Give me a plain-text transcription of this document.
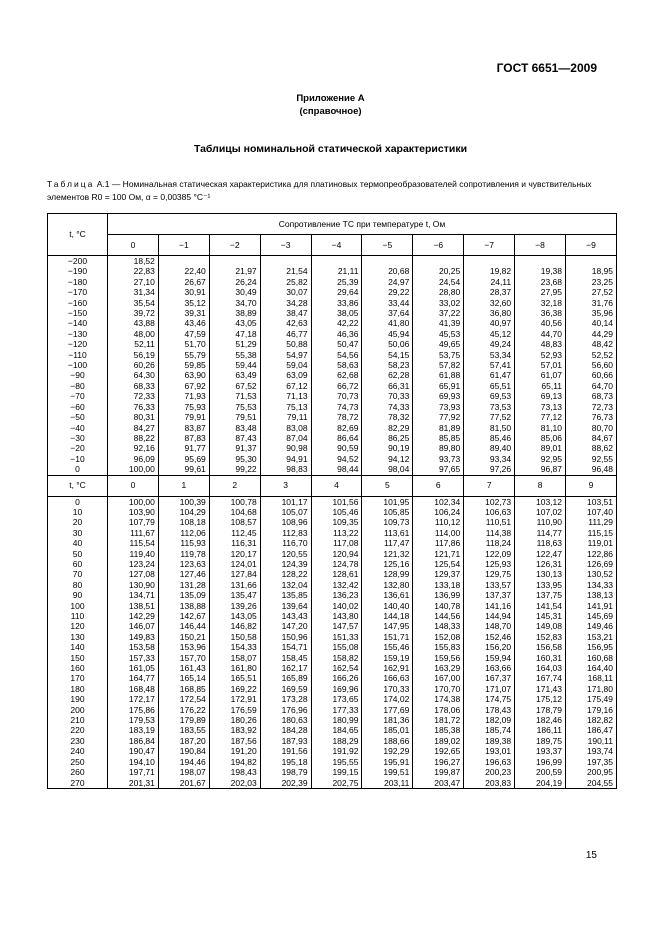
ГОСТ 6651—2009
Приложение А
(справочное)
Таблицы номинальной статической характеристики
Таблица А.1 — Номинальная статическая характеристика для платиновых термопреобразователей сопротивления и чувствительных элементов R0 = 100 Ом, α = 0,00385 °С⁻¹
t, °C	Сопротивление ТС при температуре t, Ом									
	0	−1	−2	−3	−4	−5	−6	−7	−8	−9
−200	18,52									
−190	22,83	22,40	21,97	21,54	21,11	20,68	20,25	19,82	19,38	18,95
−180	27,10	26,67	26,24	25,82	25,39	24,97	24,54	24,11	23,68	23,25
−170	31,34	30,91	30,49	30,07	29,64	29,22	28,80	28,37	27,95	27,52
−160	35,54	35,12	34,70	34,28	33,86	33,44	33,02	32,60	32,18	31,76
−150	39,72	39,31	38,89	38,47	38,05	37,64	37,22	36,80	36,38	35,96
−140	43,88	43,46	43,05	42,63	42,22	41,80	41,39	40,97	40,56	40,14
−130	48,00	47,59	47,18	46,77	46,36	45,94	45,53	45,12	44,70	44,29
−120	52,11	51,70	51,29	50,88	50,47	50,06	49,65	49,24	48,83	48,42
−110	56,19	55,79	55,38	54,97	54,56	54,15	53,75	53,34	52,93	52,52
−100	60,26	59,85	59,44	59,04	58,63	58,23	57,82	57,41	57,01	56,60
−90	64,30	63,90	63,49	63,09	62,68	62,28	61,88	61,47	61,07	60,66
−80	68,33	67,92	67,52	67,12	66,72	66,31	65,91	65,51	65,11	64,70
−70	72,33	71,93	71,53	71,13	70,73	70,33	69,93	69,53	69,13	68,73
−60	76,33	75,93	75,53	75,13	74,73	74,33	73,93	73,53	73,13	72,73
−50	80,31	79,91	79,51	79,11	78,72	78,32	77,92	77,52	77,12	76,73
−40	84,27	83,87	83,48	83,08	82,69	82,29	81,89	81,50	81,10	80,70
−30	88,22	87,83	87,43	87,04	86,64	86,25	85,85	85,46	85,06	84,67
−20	92,16	91,77	91,37	90,98	90,59	90,19	89,80	89,40	89,01	88,62
−10	96,09	95,69	95,30	94,91	94,52	94,12	93,73	93,34	92,95	92,55
0	100,00	99,61	99,22	98,83	98,44	98,04	97,65	97,26	96,87	96,48
t, °C	0	1	2	3	4	5	6	7	8	9
0	100,00	100,39	100,78	101,17	101,56	101,95	102,34	102,73	103,12	103,51
10	103,90	104,29	104,68	105,07	105,46	105,85	106,24	106,63	107,02	107,40
20	107,79	108,18	108,57	108,96	109,35	109,73	110,12	110,51	110,90	111,29
30	111,67	112,06	112,45	112,83	113,22	113,61	114,00	114,38	114,77	115,15
40	115,54	115,93	116,31	116,70	117,08	117,47	117,86	118,24	118,63	119,01
50	119,40	119,78	120,17	120,55	120,94	121,32	121,71	122,09	122,47	122,86
60	123,24	123,63	124,01	124,39	124,78	125,16	125,54	125,93	126,31	126,69
70	127,08	127,46	127,84	128,22	128,61	128,99	129,37	129,75	130,13	130,52
80	130,90	131,28	131,66	132,04	132,42	132,80	133,18	133,57	133,95	134,33
90	134,71	135,09	135,47	135,85	136,23	136,61	136,99	137,37	137,75	138,13
100	138,51	138,88	139,26	139,64	140,02	140,40	140,78	141,16	141,54	141,91
110	142,29	142,67	143,05	143,43	143,80	144,18	144,56	144,94	145,31	145,69
120	146,07	146,44	146,82	147,20	147,57	147,95	148,33	148,70	149,08	149,46
130	149,83	150,21	150,58	150,96	151,33	151,71	152,08	152,46	152,83	153,21
140	153,58	153,96	154,33	154,71	155,08	155,46	155,83	156,20	156,58	156,95
150	157,33	157,70	158,07	158,45	158,82	159,19	159,56	159,94	160,31	160,68
160	161,05	161,43	161,80	162,17	162,54	162,91	163,29	163,66	164,03	164,40
170	164,77	165,14	165,51	165,89	166,26	166,63	167,00	167,37	167,74	168,11
180	168,48	168,85	169,22	169,59	169,96	170,33	170,70	171,07	171,43	171,80
190	172,17	172,54	172,91	173,28	173,65	174,02	174,38	174,75	175,12	175,49
200	175,86	176,22	176,59	176,96	177,33	177,69	178,06	178,43	178,79	179,16
210	179,53	179,89	180,26	180,63	180,99	181,36	181,72	182,09	182,46	182,82
220	183,19	183,55	183,92	184,28	184,65	185,01	185,38	185,74	186,11	186,47
230	186,84	187,20	187,56	187,93	188,29	188,66	189,02	189,38	189,75	190,11
240	190,47	190,84	191,20	191,56	191,92	192,29	192,65	193,01	193,37	193,74
250	194,10	194,46	194,82	195,18	195,55	195,91	196,27	196,63	196,99	197,35
260	197,71	198,07	198,43	198,79	199,15	199,51	199,87	200,23	200,59	200,95
270	201,31	201,67	202,03	202,39	202,75	203,11	203,47	203,83	204,19	204,55
15
